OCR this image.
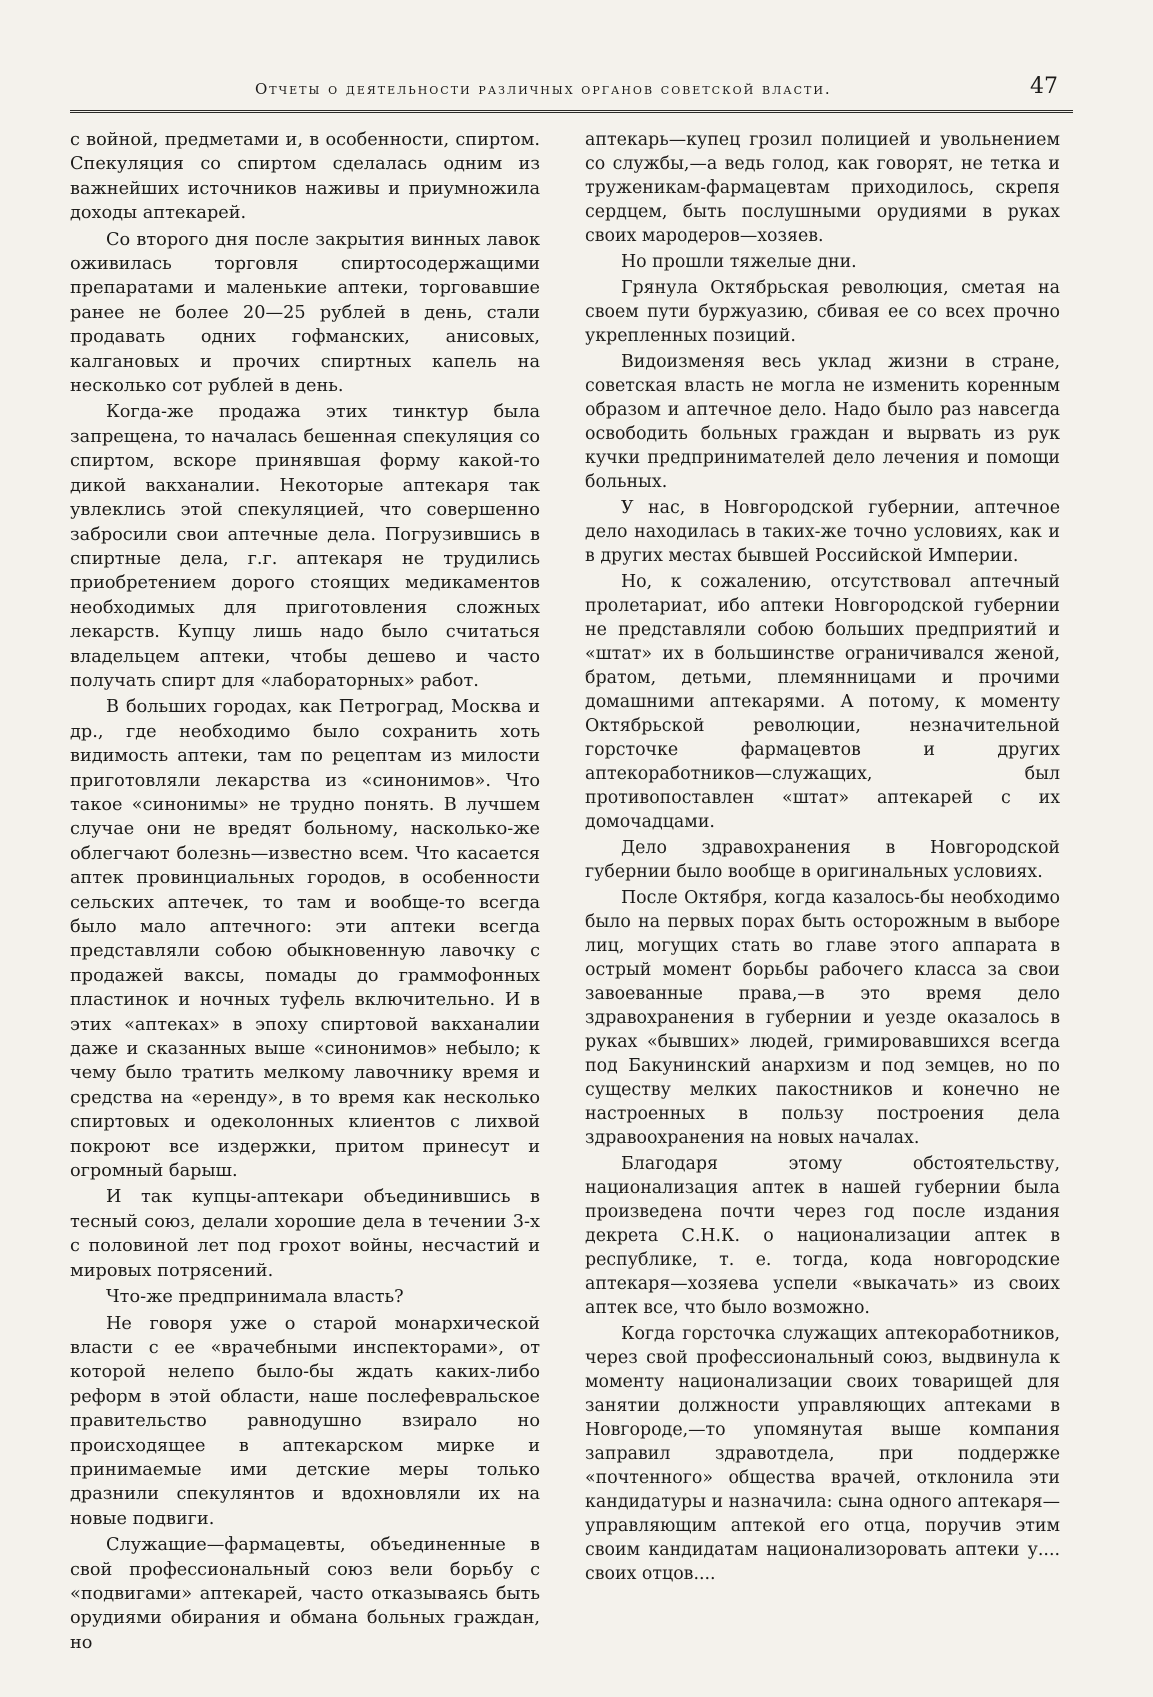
Отчеты о деятельности различных органов советской власти.	47

с войной, предметами и, в особенности, спиртом. Спекуляция со спиртом сделалась одним из важнейших источников наживы и приумножила доходы аптекарей.

Со второго дня после закрытия винных лавок оживилась торговля спиртосодержащими препаратами и маленькие аптеки, торговавшие ранее не более 20—25 рублей в день, стали продавать одних гофманских, анисовых, калгановых и прочих спиртных капель на несколько сот рублей в день.

Когда-же продажа этих тинктур была запрещена, то началась бешенная спекуляция со спиртом, вскоре принявшая форму какой-то дикой вакханалии. Некоторые аптекаря так увлеклись этой спекуляцией, что совершенно забросили свои аптечные дела. Погрузившись в спиртные дела, г.г. аптекаря не трудились приобретением дорого стоящих медикаментов необходимых для приготовления сложных лекарств. Купцу лишь надо было считаться владельцем аптеки, чтобы дешево и часто получать спирт для «лабораторных» работ.

В больших городах, как Петроград, Москва и др., где необходимо было сохранить хоть видимость аптеки, там по рецептам из милости приготовляли лекарства из «синонимов». Что такое «синонимы» не трудно понять. В лучшем случае они не вредят больному, насколько-же облегчают болезнь—известно всем. Что касается аптек провинциальных городов, в особенности сельских аптечек, то там и вообще-то всегда было мало аптечного: эти аптеки всегда представляли собою обыкновенную лавочку с продажей ваксы, помады до граммофонных пластинок и ночных туфель включительно. И в этих «аптеках» в эпоху спиртовой вакханалии даже и сказанных выше «синонимов» небыло; к чему было тратить мелкому лавочнику время и средства на «еренду», в то время как несколько спиртовых и одеколонных клиентов с лихвой покроют все издержки, притом принесут и огромный барыш.

И так купцы-аптекари объединившись в тесный союз, делали хорошие дела в течении 3-х с половиной лет под грохот войны, несчастий и мировых потрясений.

Что-же предпринимала власть?

Не говоря уже о старой монархической власти с ее «врачебными инспекторами», от которой нелепо было-бы ждать каких-либо реформ в этой области, наше послефевральское правительство равнодушно взирало но происходящее в аптекарском мирке и принимаемые ими детские меры только дразнили спекулянтов и вдохновляли их на новые подвиги.

Служащие—фармацевты, объединенные в свой профессиональный союз вели борьбу с «подвигами» аптекарей, часто отказываясь быть орудиями обирания и обмана больных граждан, но

аптекарь—купец грозил полицией и увольнением со службы,—а ведь голод, как говорят, не тетка и труженикам-фармацевтам приходилось, скрепя сердцем, быть послушными орудиями в руках своих мародеров—хозяев.

Но прошли тяжелые дни.

Грянула Октябрьская революция, сметая на своем пути буржуазию, сбивая ее со всех прочно укрепленных позиций.

Видоизменяя весь уклад жизни в стране, советская власть не могла не изменить коренным образом и аптечное дело. Надо было раз навсегда освободить больных граждан и вырвать из рук кучки предпринимателей дело лечения и помощи больных.

У нас, в Новгородской губернии, аптечное дело находилась в таких-же точно условиях, как и в других местах бывшей Российской Империи.

Но, к сожалению, отсутствовал аптечный пролетариат, ибо аптеки Новгородской губернии не представляли собою больших предприятий и «штат» их в большинстве ограничивался женой, братом, детьми, племянницами и прочими домашними аптекарями. А потому, к моменту Октябрьской революции, незначительной горсточке фармацевтов и других аптекоработников—служащих, был противопоставлен «штат» аптекарей с их домочадцами.

Дело здравохранения в Новгородской губернии было вообще в оригинальных условиях.

После Октября, когда казалось-бы необходимо было на первых порах быть осторожным в выборе лиц, могущих стать во главе этого аппарата в острый момент борьбы рабочего класса за свои завоеванные права,—в это время дело здравохранения в губернии и уезде оказалось в руках «бывших» людей, гримировавшихся всегда под Бакунинский анархизм и под земцев, но по существу мелких пакостников и конечно не настроенных в пользу построения дела здравоохранения на новых началах.

Благодаря этому обстоятельству, национализация аптек в нашей губернии была произведена почти через год после издания декрета С.Н.К. о национализации аптек в республике, т. е. тогда, кода новгородские аптекаря—хозяева успели «выкачать» из своих аптек все, что было возможно.

Когда горсточка служащих аптекоработников, через свой профессиональный союз, выдвинула к моменту национализации своих товарищей для занятии должности управляющих аптеками в Новгороде,—то упомянутая выше компания заправил здравотдела, при поддержке «почтенного» общества врачей, отклонила эти кандидатуры и назначила: сына одного аптекаря—управляющим аптекой его отца, поручив этим своим кандидатам национализоровать аптеки у.... своих отцов....
